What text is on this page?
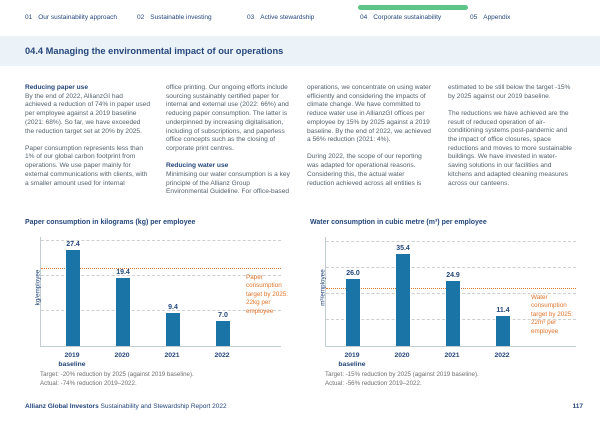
01 Our sustainability approach	02 Sustainable investing	03 Active stewardship	04 Corporate sustainability	05 Appendix
04.4 Managing the environmental impact of our operations
Reducing paper use

By the end of 2022, AllianzGI had achieved a reduction of 74% in paper used per employee against a 2019 baseline (2021: 68%). So far, we have exceeded the reduction target set at 20% by 2025.

Paper consumption represents less than 1% of our global carbon footprint from operations. We use paper mainly for external communications with clients, with a smaller amount used for internal

office printing. Our ongoing efforts include sourcing sustainably certified paper for internal and external use (2022: 66%) and reducing paper consumption. The latter is underpinned by increasing digitalisation, including of subscriptions, and paperless office concepts such as the closing of corporate print centres.

Reducing water use

Minimising our water consumption is a key principle of the Allianz Group Environmental Guideline. For office-based

operations, we concentrate on using water efficiently and considering the impacts of climate change. We have committed to reduce water use in AllianzGI offices per employee by 15% by 2025 against a 2019 baseline. By the end of 2022, we achieved a 56% reduction (2021: 4%).

During 2022, the scope of our reporting was adapted for operational reasons. Considering this, the actual water reduction achieved across all entities is

estimated to be still below the target -15% by 2025 against our 2019 baseline.

The reductions we have achieved are the result of reduced operation of air-conditioning systems post-pandemic and the impact of office closures, space reductions and moves to more sustainable buildings. We have invested in water-saving solutions in our facilities and kitchens and adapted cleaning measures across our canteens.

Paper consumption in kilograms (kg) per employee
27.4
19.4
9.4
7.0
Paper consumption target by 2025: 22kg per employee
kg/employee
2019
baseline
2020	2021	2022
Target: -20% reduction by 2025 (against 2019 baseline).
Actual: -74% reduction 2019–2022.
Water consumption in cubic metre (m³) per employee
26.0
35.4
24.9
11.4
Water consumption target by 2025: 22m³ per employee
m³/employee
2019
baseline
2020	2021	2022
Target: -15% reduction by 2025 (against 2019 baseline).
Actual: -56% reduction 2019–2022.
Allianz Global Investors Sustainability and Stewardship Report 2022	117
